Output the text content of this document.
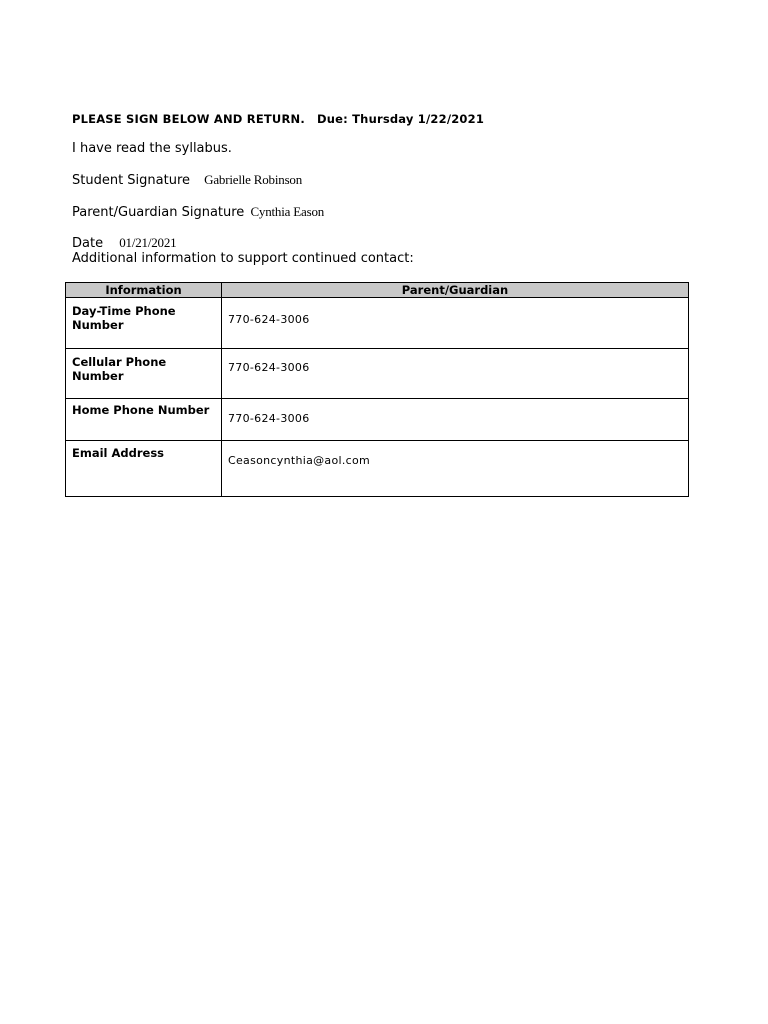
PLEASE SIGN BELOW AND RETURN. Due: Thursday 1/22/2021
I have read the syllabus.
Student Signature Gabrielle Robinson
Parent/Guardian Signature Cynthia Eason
Date 01/21/2021
Additional information to support continued contact:
Information	Parent/Guardian
Day-Time Phone Number	770-624-3006
Cellular Phone Number	770-624-3006
Home Phone Number	770-624-3006
Email Address	Ceasoncynthia@aol.com
